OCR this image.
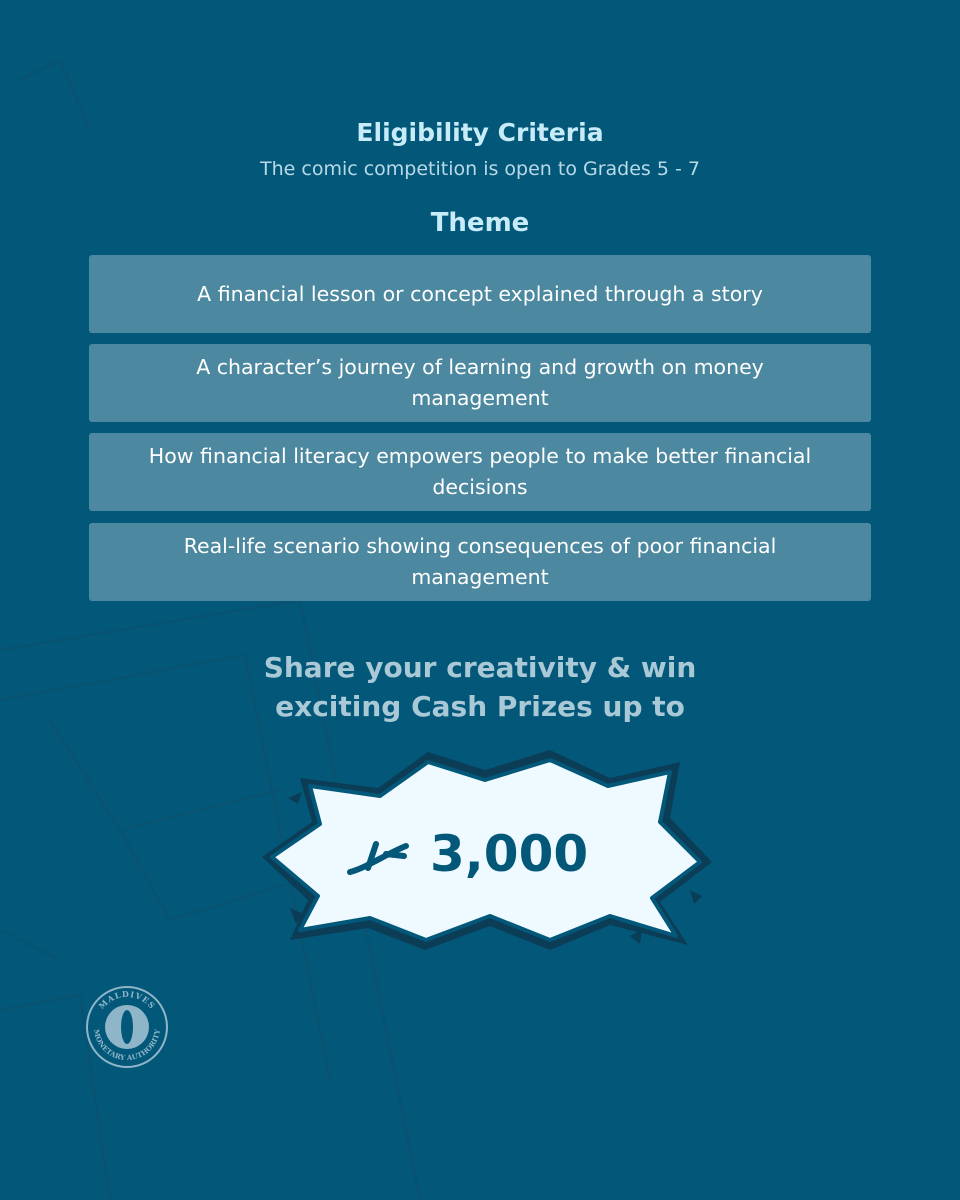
Eligibility Criteria
The comic competition is open to Grades 5 - 7
Theme
A financial lesson or concept explained through a story
A character’s journey of learning and growth on money management
How financial literacy empowers people to make better financial decisions
Real-life scenario showing consequences of poor financial management
Share your creativity & win
exciting Cash Prizes up to
3,000
MALDIVES
MONETARY AUTHORITY
